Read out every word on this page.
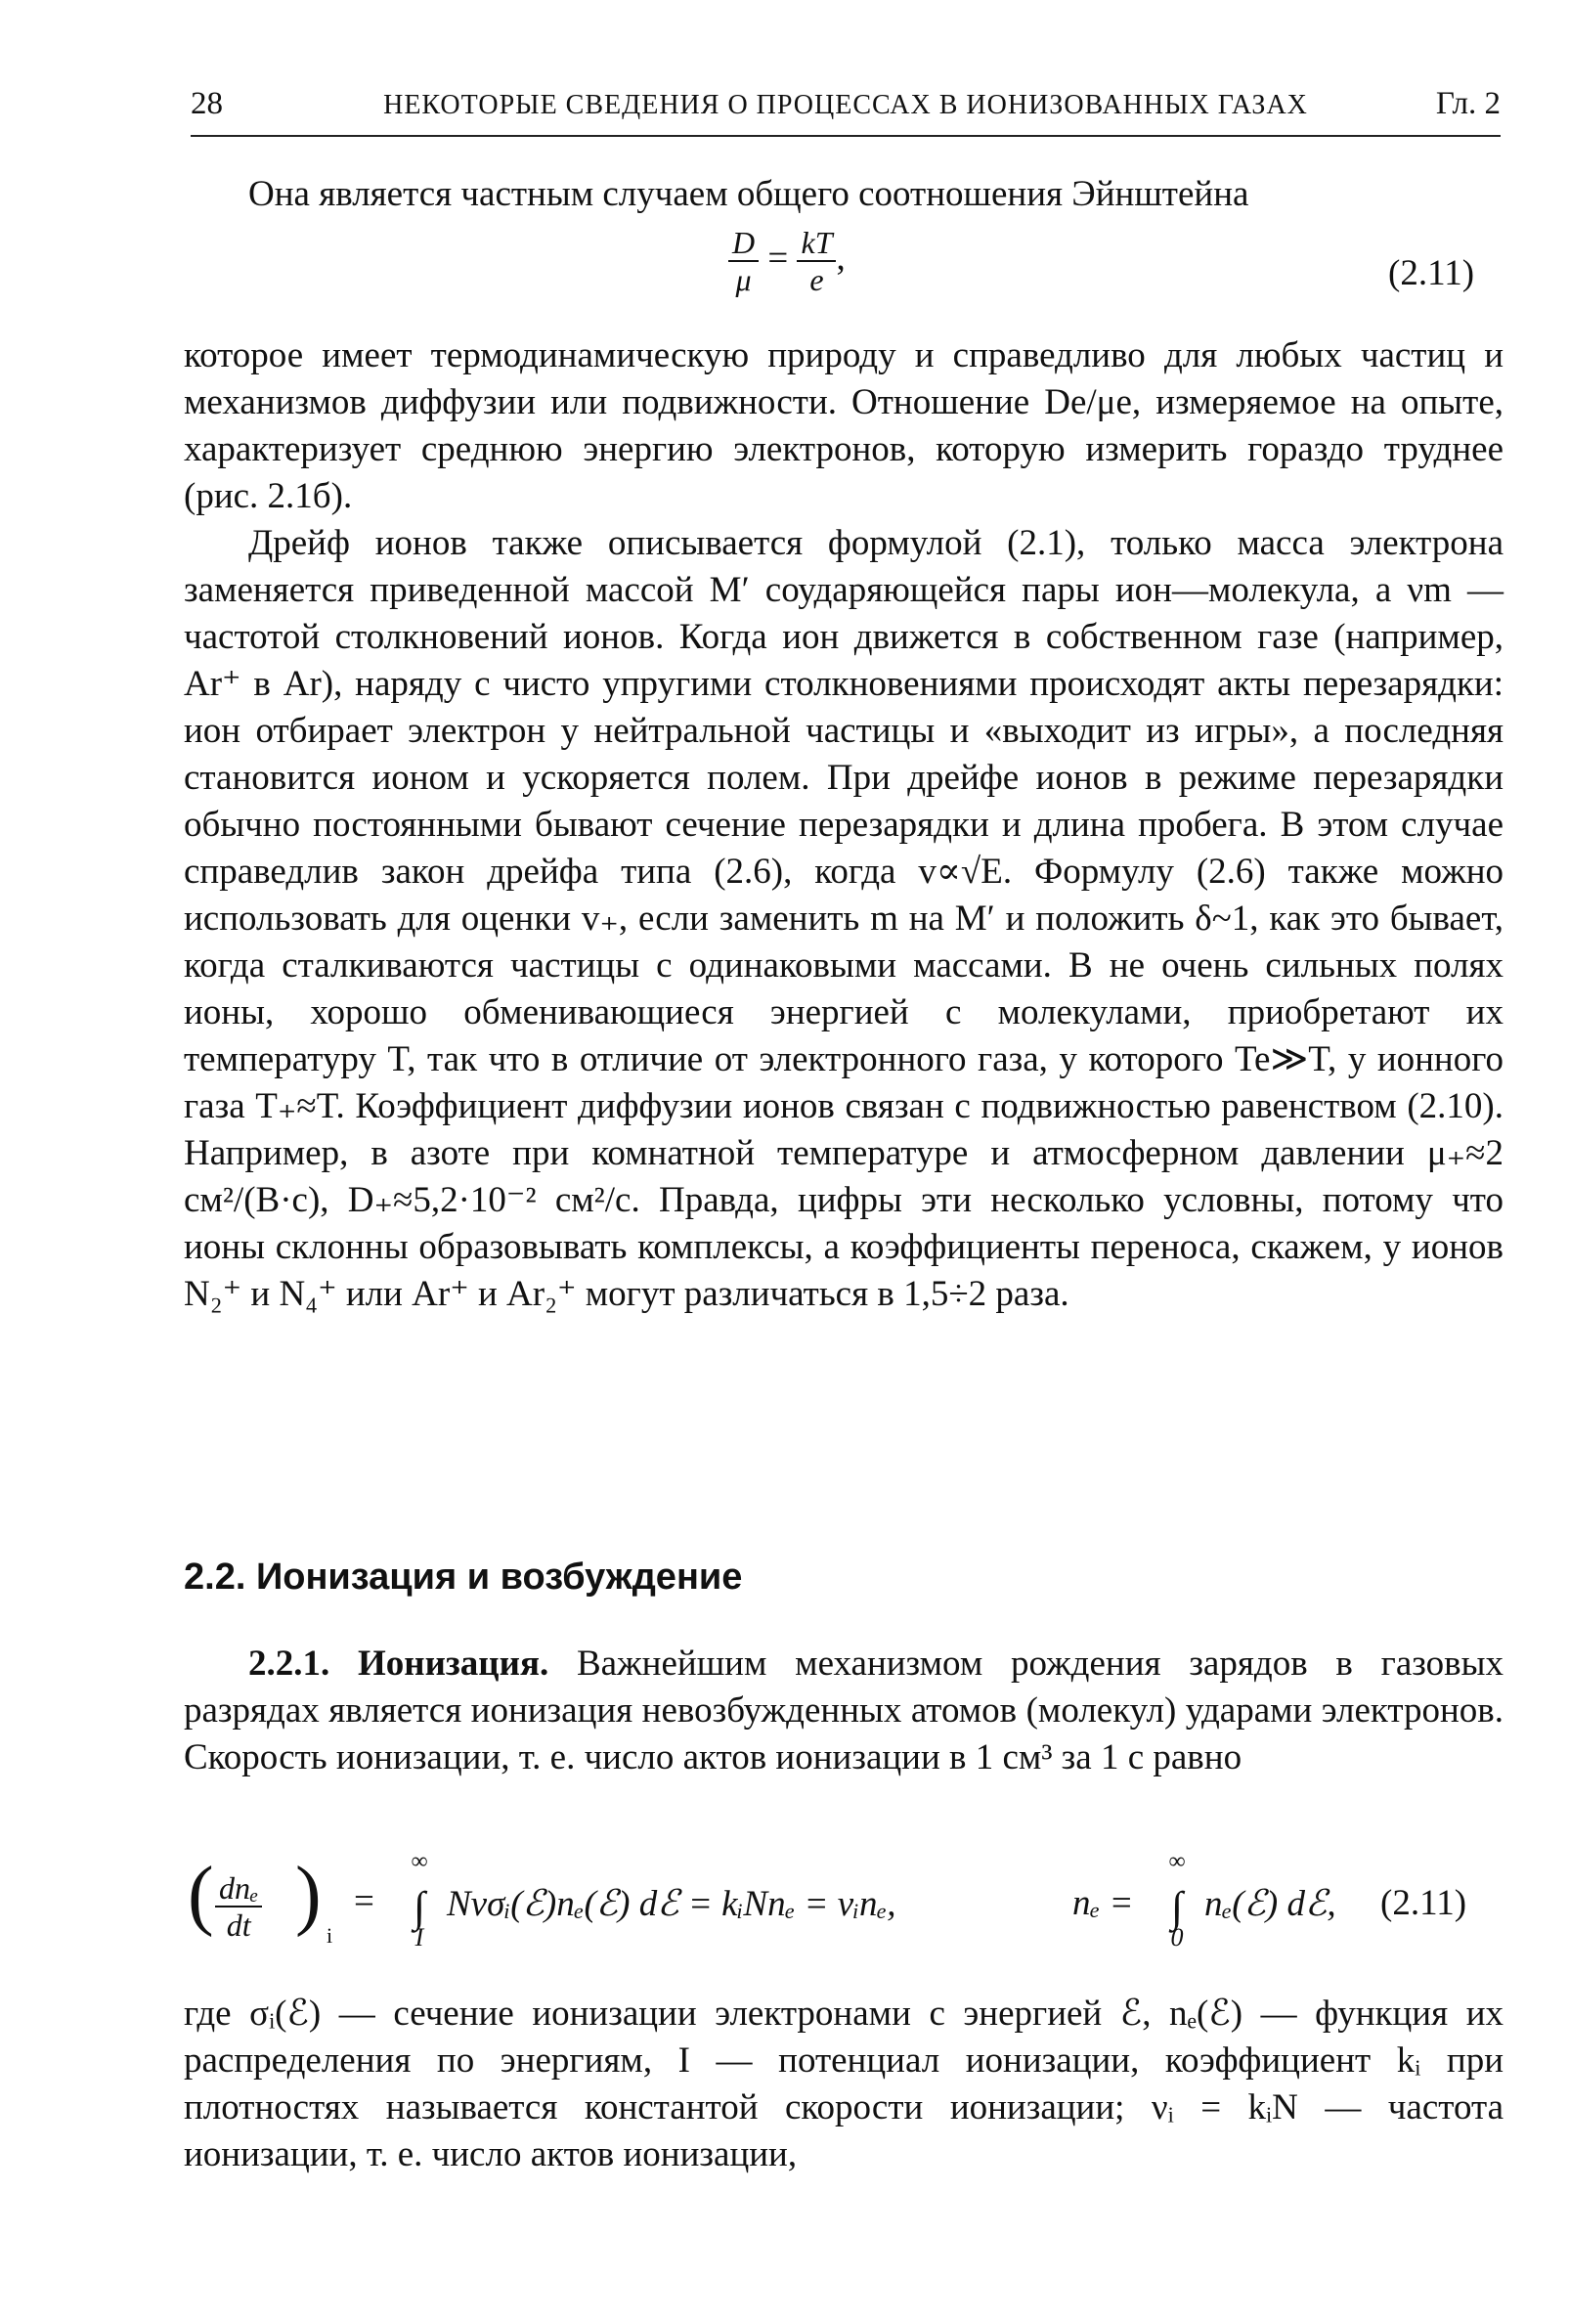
28	НЕКОТОРЫЕ СВЕДЕНИЯ О ПРОЦЕССАХ В ИОНИЗОВАННЫХ ГАЗАХ	Гл. 2
Она является частным случаем общего соотношения Эйнштейна
$\frac{D}{\mu} = \frac{kT}{e}$ ,	(2.11)
которое имеет термодинамическую природу и справедливо для любых частиц и механизмов диффузии или подвижности. Отношение De/μe, измеряемое на опыте, характеризует среднюю энергию электронов, которую измерить гораздо труднее (рис. 2.1б).
Дрейф ионов также описывается формулой (2.1), только масса электрона заменяется приведенной массой M′ соударяющейся пары ион—молекула, а νm — частотой столкновений ионов. Когда ион движется в собственном газе (например, Ar⁺ в Ar), наряду с чисто упругими столкновениями происходят акты перезарядки: ион отбирает электрон у нейтральной частицы и «выходит из игры», а последняя становится ионом и ускоряется полем. При дрейфе ионов в режиме перезарядки обычно постоянными бывают сечение перезарядки и длина пробега. В этом случае справедлив закон дрейфа типа (2.6), когда v∝√E. Формулу (2.6) также можно использовать для оценки v₊, если заменить m на M′ и положить δ~1, как это бывает, когда сталкиваются частицы с одинаковыми массами. В не очень сильных полях ионы, хорошо обменивающиеся энергией с молекулами, приобретают их температуру T, так что в отличие от электронного газа, у которого Te≫T, у ионного газа T₊≈T. Коэффициент диффузии ионов связан с подвижностью равенством (2.10). Например, в азоте при комнатной температуре и атмосферном давлении μ₊≈2 см²/(В·с), D₊≈5,2·10⁻² см²/с. Правда, цифры эти несколько условны, потому что ионы склонны образовывать комплексы, а коэффициенты переноса, скажем, у ионов N₂⁺ и N₄⁺ или Ar⁺ и Ar₂⁺ могут различаться в 1,5÷2 раза.
2.2. Ионизация и возбуждение
2.2.1. Ионизация. Важнейшим механизмом рождения зарядов в газовых разрядах является ионизация невозбужденных атомов (молекул) ударами электронов. Скорость ионизации, т. е. число актов ионизации в 1 см³ за 1 с равно
( dnₑ
dt ) i
= ∫
∞
I
Nvσᵢ(ℰ)nₑ(ℰ) dℰ = kᵢNnₑ = νᵢnₑ,	nₑ = ∫
∞
0
nₑ(ℰ) dℰ, (2.11)
где σᵢ(ℰ) — сечение ионизации электронами с энергией ℰ, nₑ(ℰ) — функция их распределения по энергиям, I — потенциал ионизации, коэффициент kᵢ при плотностях называется константой скорости ионизации; νᵢ = kᵢN — частота ионизации, т. е. число актов ионизации,
